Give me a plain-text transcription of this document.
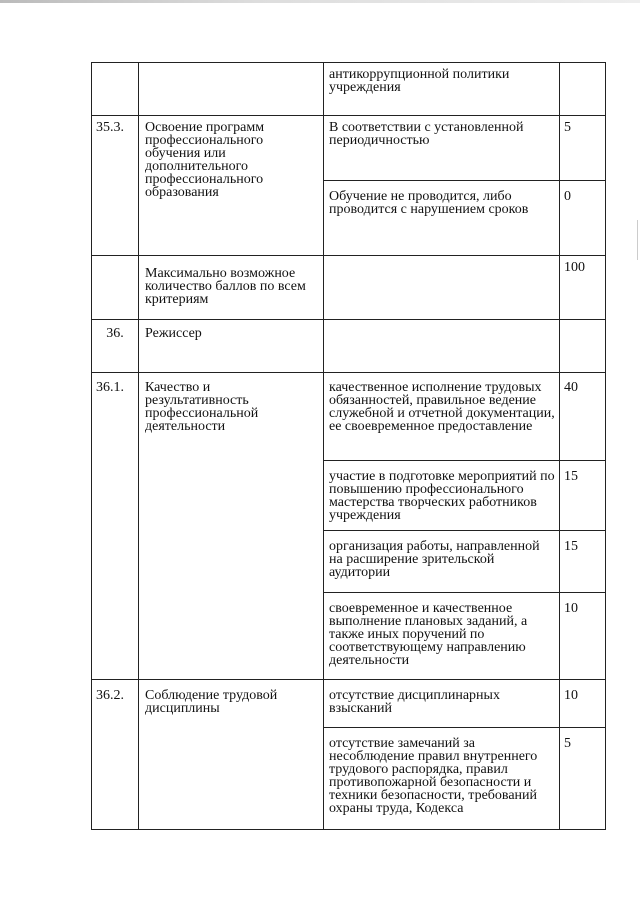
		антикоррупционной политики учреждения	

35.3.	Освоение программ профессионального обучения или дополнительного профессионального образования	В соответствии с установленной периодичностью	5

		Обучение не проводится, либо проводится с нарушением сроков	0

	Максимально возможное количество баллов по всем критериям		100

36.	Режиссер		

36.1.	Качество и результативность профессиональной деятельности	качественное исполнение трудовых обязанностей, правильное ведение служебной и отчетной документации, ее своевременное предоставление	40

		участие в подготовке мероприятий по повышению профессионального мастерства творческих работников учреждения	15

		организация работы, направленной на расширение зрительской аудитории	15

		своевременное и качественное выполнение плановых заданий, а также иных поручений по соответствующему направлению деятельности	10

36.2.	Соблюдение трудовой дисциплины	отсутствие дисциплинарных взысканий	10

		отсутствие замечаний за несоблюдение правил внутреннего трудового распорядка, правил противопожарной безопасности и техники безопасности, требований охраны труда, Кодекса	5
